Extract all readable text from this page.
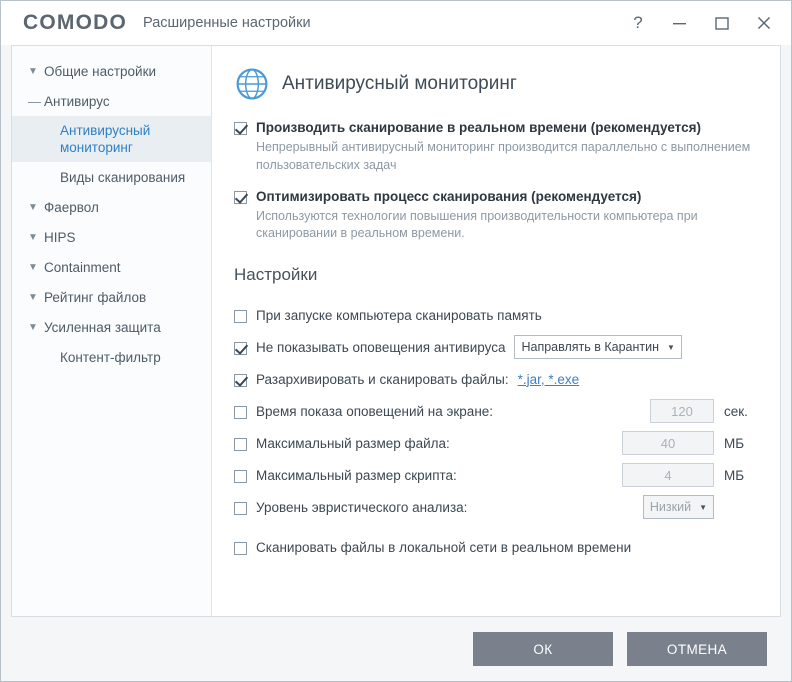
COMODO Расширенные настройки	?
▼ Общие настройки
— Антивирус
Антивирусный мониторинг
Виды сканирования
▼ Фаервол
▼ HIPS
▼ Containment
▼ Рейтинг файлов
▼ Усиленная защита
Контент-фильтр
Антивирусный мониторинг
Производить сканирование в реальном времени (рекомендуется)
Непрерывный антивирусный мониторинг производится параллельно с выполнением пользовательских задач
Оптимизировать процесс сканирования (рекомендуется)
Используются технологии повышения производительности компьютера при сканировании в реальном времени.
Настройки
При запуске компьютера сканировать память
Не показывать оповещения антивируса Направлять в Карантин ▼
Разархивировать и сканировать файлы: *.jar, *.exe
Время показа оповещений на экране:	120	сек.
Максимальный размер файла:	40	МБ
Максимальный размер скрипта:	4	МБ
Уровень эвристического анализа:	Низкий ▼
Сканировать файлы в локальной сети в реальном времени
ОК	ОТМЕНА
